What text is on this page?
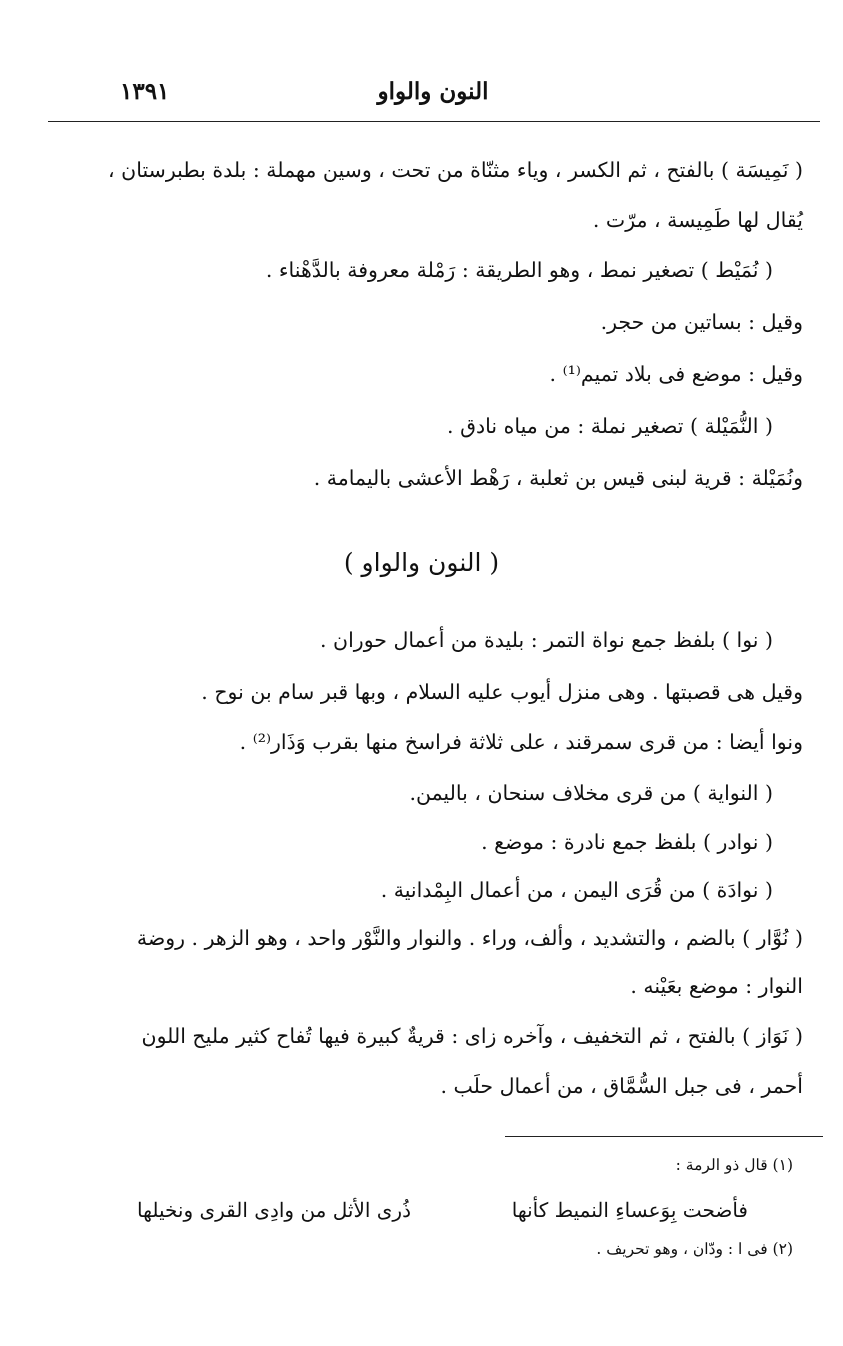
النون والواو
١٣٩١
( نَمِيسَة ) بالفتح ، ثم الكسر ، وياء مثنّاة من تحت ، وسين مهملة : بلدة بطبرستان ،
يُقال لها طَمِيسة ، مرّت .
( نُمَيْط ) تصغير نمط ، وهو الطريقة : رَمْلة معروفة بالدَّهْناء .
وقيل : بساتين من حجر.
وقيل : موضع فى بلاد تميم⁽¹⁾ .
( النُّمَيْلة ) تصغير نملة : من مياه نادق .
ونُمَيْلة : قرية لبنى قيس بن ثعلبة ، رَهْط الأعشى باليمامة .
( النون والواو )
( نوا ) بلفظ جمع نواة التمر : بليدة من أعمال حوران .
وقيل هى قصبتها . وهى منزل أيوب عليه السلام ، وبها قبر سام بن نوح .
ونوا أيضا : من قرى سمرقند ، على ثلاثة فراسخ منها بقرب وَذَار⁽²⁾ .
( النواية ) من قرى مخلاف سنحان ، باليمن.
( نوادر ) بلفظ جمع نادرة : موضع .
( نوادَة ) من قُرَى اليمن ، من أعمال البِمْدانية .
( نُوَّار ) بالضم ، والتشديد ، وألف، وراء . والنوار والنَّوْر واحد ، وهو الزهر . روضة
النوار : موضع بعَيْنه .
( نَوَاز ) بالفتح ، ثم التخفيف ، وآخره زاى : قريةٌ كبيرة فيها تُفاح كثير مليح اللون
أحمر ، فى جبل السُّمَّاق ، من أعمال حلَب .
(١) قال ذو الرمة :
فأضحت بِوَعساءِ النميط كأنها
ذُرى الأثل من وادِى القرى ونخيلها
(٢) فى ا : ودّان ، وهو تحريف .
